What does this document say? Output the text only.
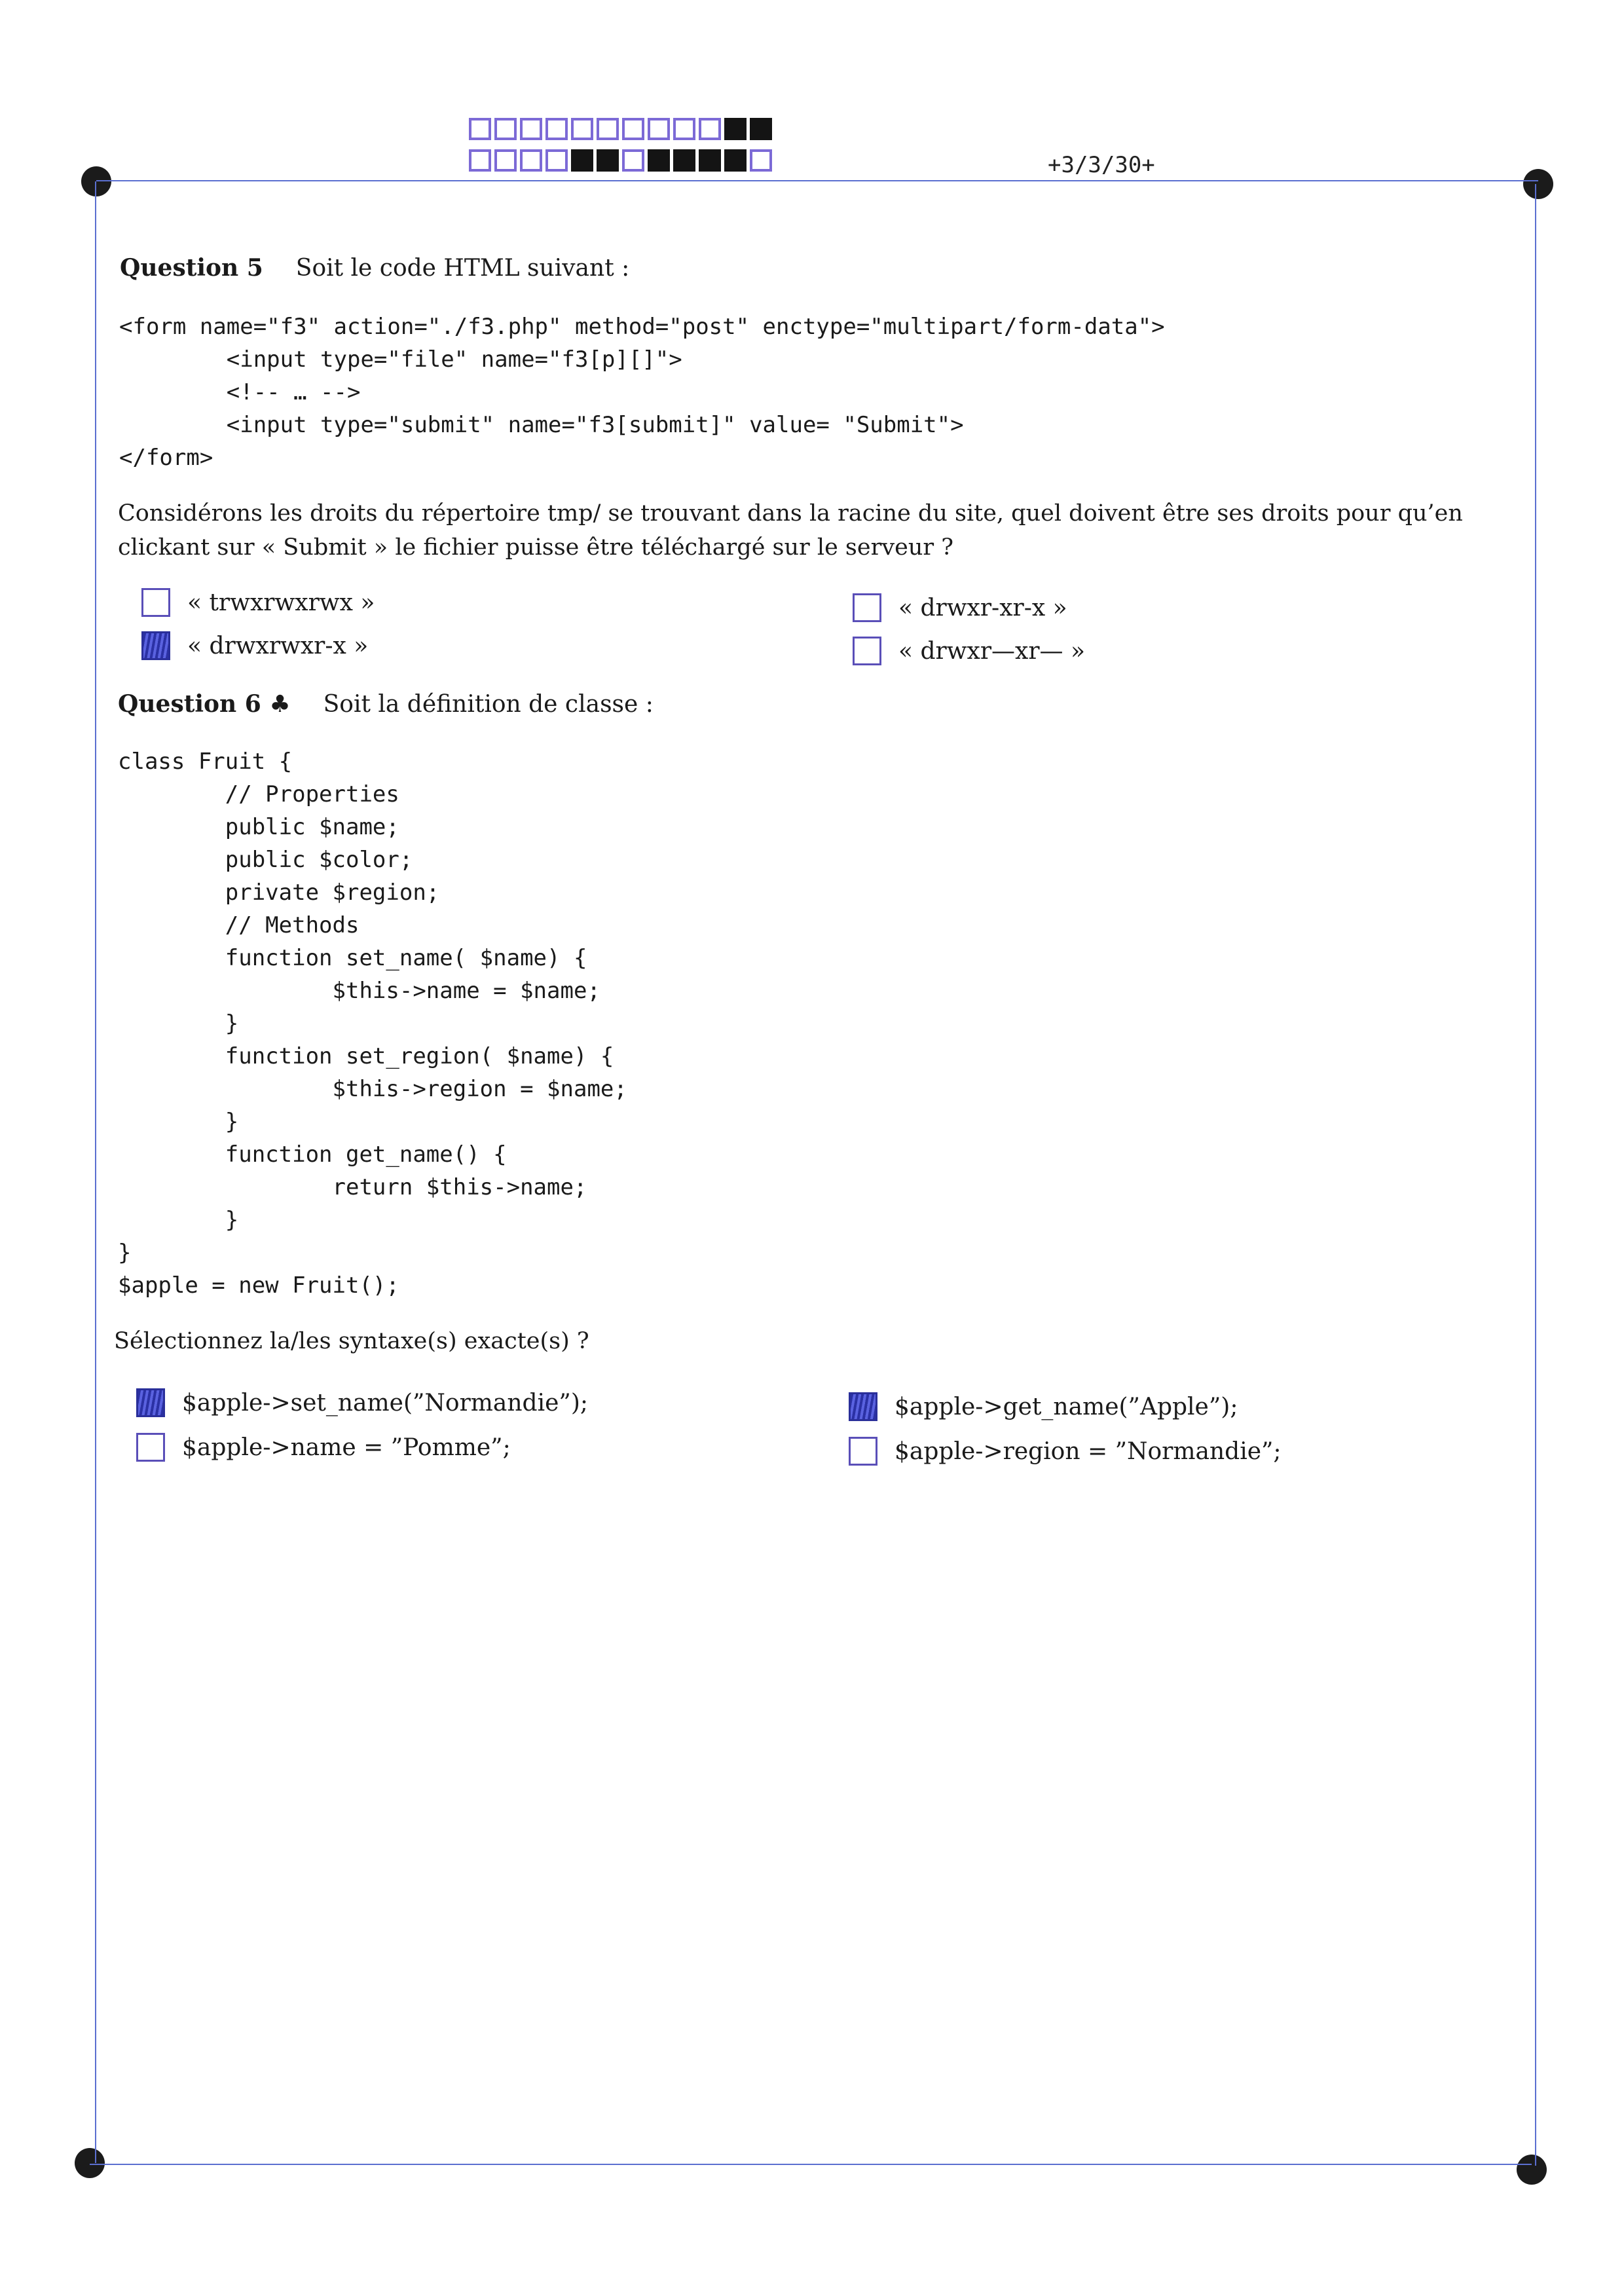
+3/3/30+
Question 5 Soit le code HTML suivant :
<form name="f3" action="./f3.php" method="post" enctype="multipart/form-data">
<input type="file" name="f3[p][]">
<!-- … -->
<input type="submit" name="f3[submit]" value= "Submit">
</form>
Considérons les droits du répertoire tmp/ se trouvant dans la racine du site, quel doivent être ses droits pour qu’en clickant sur « Submit » le fichier puisse être téléchargé sur le serveur ?
« trwxrwxrwx »
« drwxrwxr-x »
« drwxr-xr-x »
« drwxr—xr— »
Question 6 ♣ Soit la définition de classe :
class Fruit {
// Properties
public $name;
public $color;
private $region;
// Methods
function set_name( $name) {
$this->name = $name;
}
function set_region( $name) {
$this->region = $name;
}
function get_name() {
return $this->name;
}
}
$apple = new Fruit();
Sélectionnez la/les syntaxe(s) exacte(s) ?
$apple->set_name(”Normandie”);
$apple->name = ”Pomme”;
$apple->get_name(”Apple”);
$apple->region = ”Normandie”;
